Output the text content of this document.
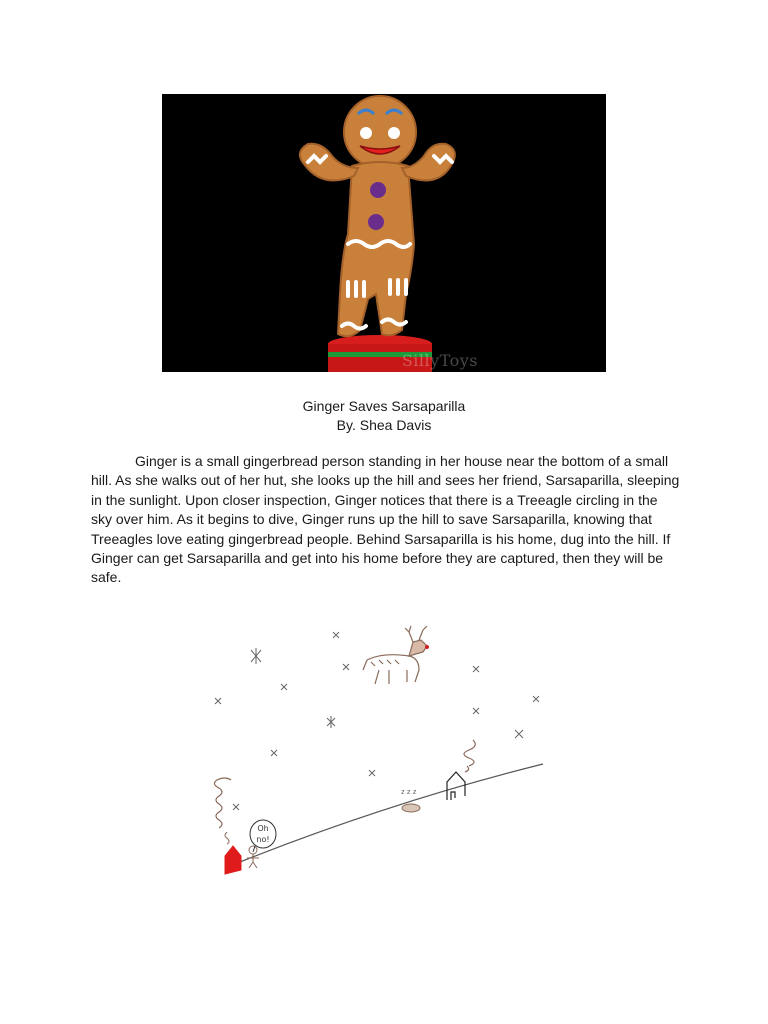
SillyToys
Ginger Saves Sarsaparilla
By. Shea Davis

Ginger is a small gingerbread person standing in her house near the bottom of a small hill. As she walks out of her hut, she looks up the hill and sees her friend, Sarsaparilla, sleeping in the sunlight. Upon closer inspection, Ginger notices that there is a Treeagle circling in the sky over him. As it begins to dive, Ginger runs up the hill to save Sarsaparilla, knowing that Treeagles love eating gingerbread people. Behind Sarsaparilla is his home, dug into the hill. If Ginger can get Sarsaparilla and get into his home before they are captured, then they will be safe.

Oh
no!
z z z
